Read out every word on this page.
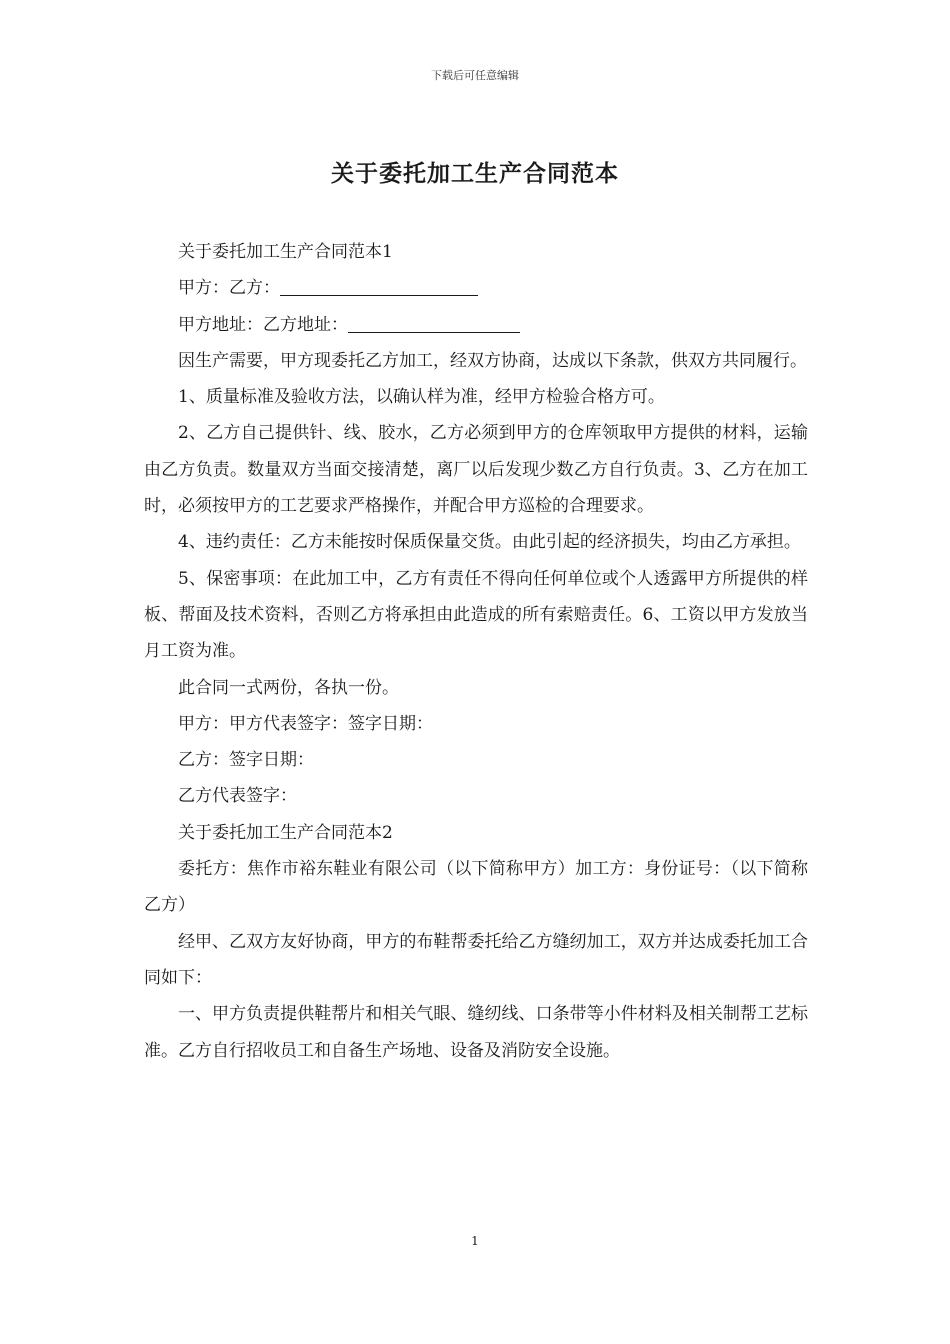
下载后可任意编辑
关于委托加工生产合同范本

关于委托加工生产合同范本1

甲方：乙方：

甲方地址：乙方地址：

因生产需要，甲方现委托乙方加工，经双方协商，达成以下条款，供双方共同履行。

1、质量标准及验收方法，以确认样为准，经甲方检验合格方可。

2、乙方自己提供针、线、胶水，乙方必须到甲方的仓库领取甲方提供的材料，运输由乙方负责。数量双方当面交接清楚，离厂以后发现少数乙方自行负责。3、乙方在加工时，必须按甲方的工艺要求严格操作，并配合甲方巡检的合理要求。

4、违约责任：乙方未能按时保质保量交货。由此引起的经济损失，均由乙方承担。

5、保密事项：在此加工中，乙方有责任不得向任何单位或个人透露甲方所提供的样板、帮面及技术资料，否则乙方将承担由此造成的所有索赔责任。6、工资以甲方发放当月工资为准。

此合同一式两份，各执一份。

甲方：甲方代表签字：签字日期：

乙方：签字日期：

乙方代表签字：

关于委托加工生产合同范本2

委托方：焦作市裕东鞋业有限公司（以下简称甲方）加工方：身份证号：（以下简称乙方）

经甲、乙双方友好协商，甲方的布鞋帮委托给乙方缝纫加工，双方并达成委托加工合同如下：

一、甲方负责提供鞋帮片和相关气眼、缝纫线、口条带等小件材料及相关制帮工艺标准。乙方自行招收员工和自备生产场地、设备及消防安全设施。

1
